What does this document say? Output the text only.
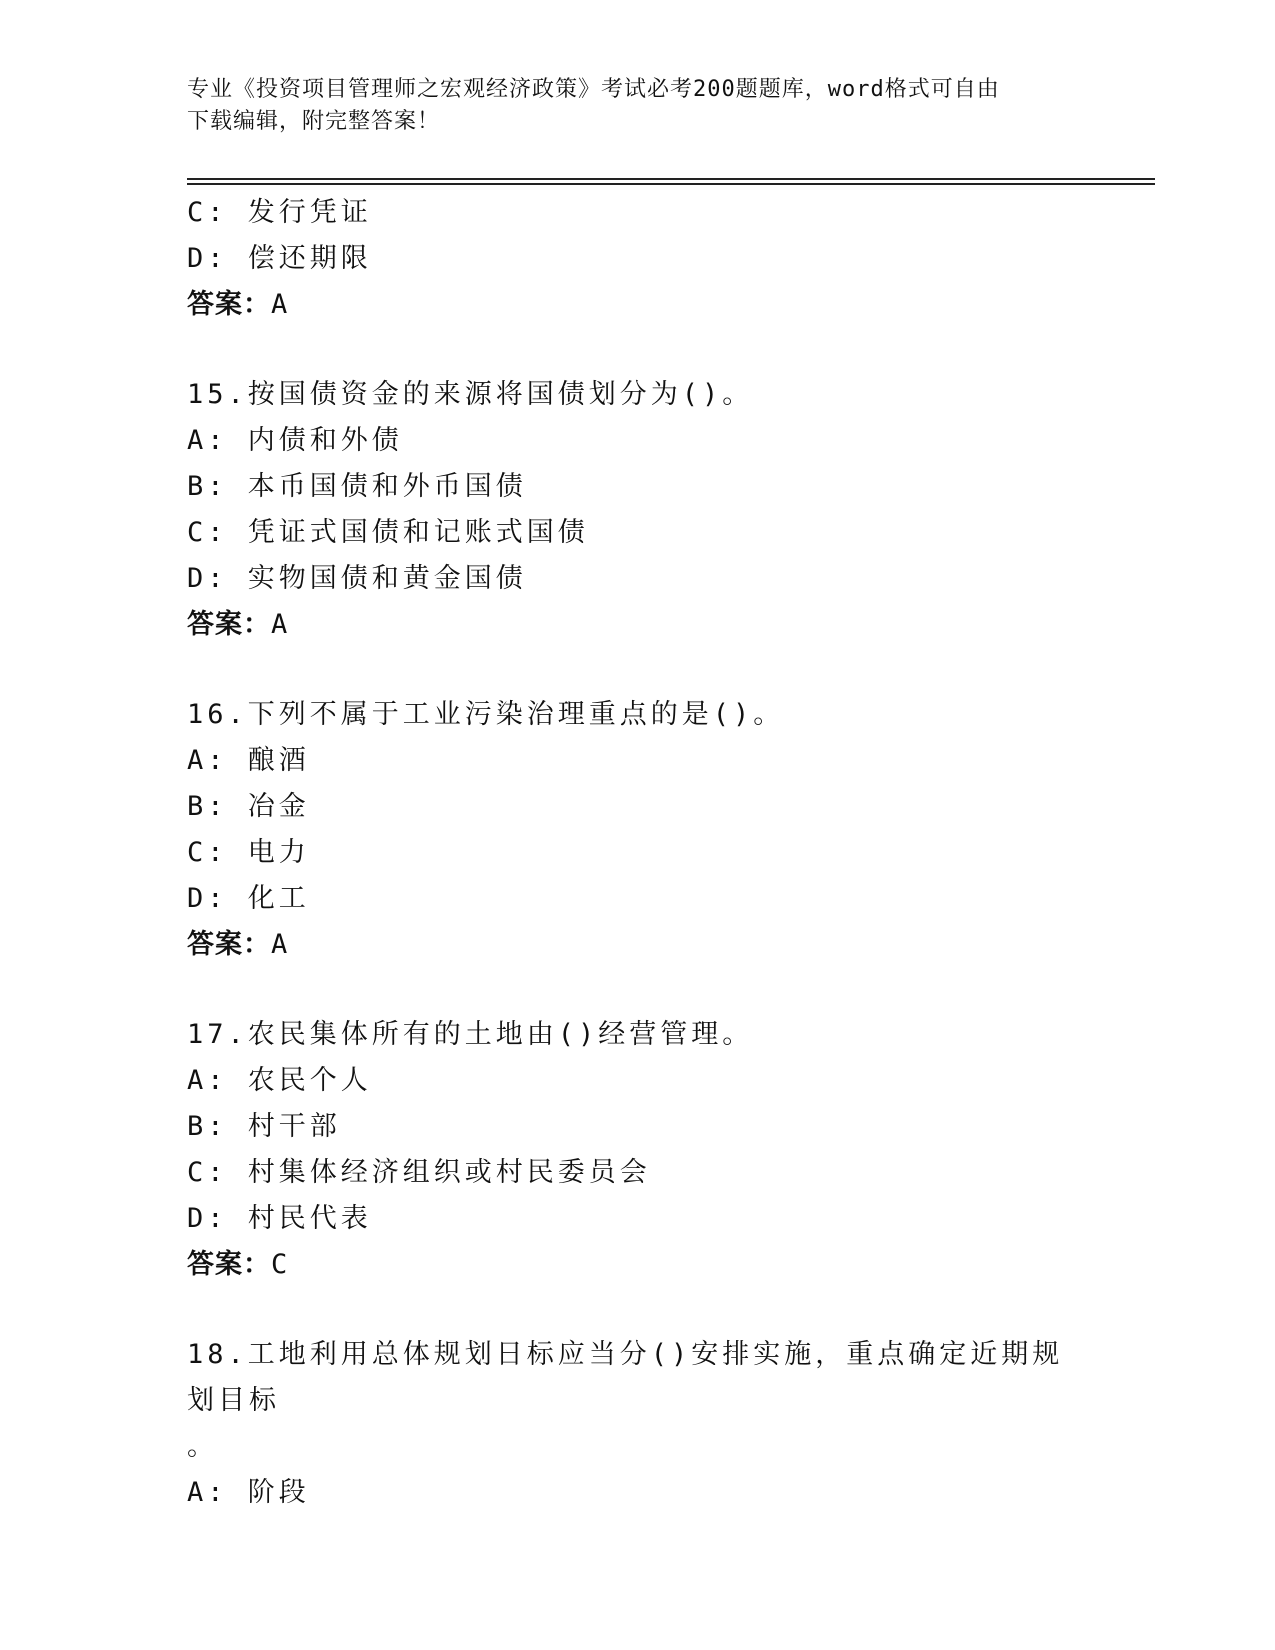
专业《投资项目管理师之宏观经济政策》考试必考200题题库，word格式可自由
下载编辑，附完整答案！
C: 发行凭证
D: 偿还期限
答案：A
15.按国债资金的来源将国债划分为()。
A: 内债和外债
B: 本币国债和外币国债
C: 凭证式国债和记账式国债
D: 实物国债和黄金国债
答案：A
16.下列不属于工业污染治理重点的是()。
A: 酿酒
B: 冶金
C: 电力
D: 化工
答案：A
17.农民集体所有的土地由()经营管理。
A: 农民个人
B: 村干部
C: 村集体经济组织或村民委员会
D: 村民代表
答案：C
18.工地利用总体规划日标应当分()安排实施，重点确定近期规划目标
。
A: 阶段
